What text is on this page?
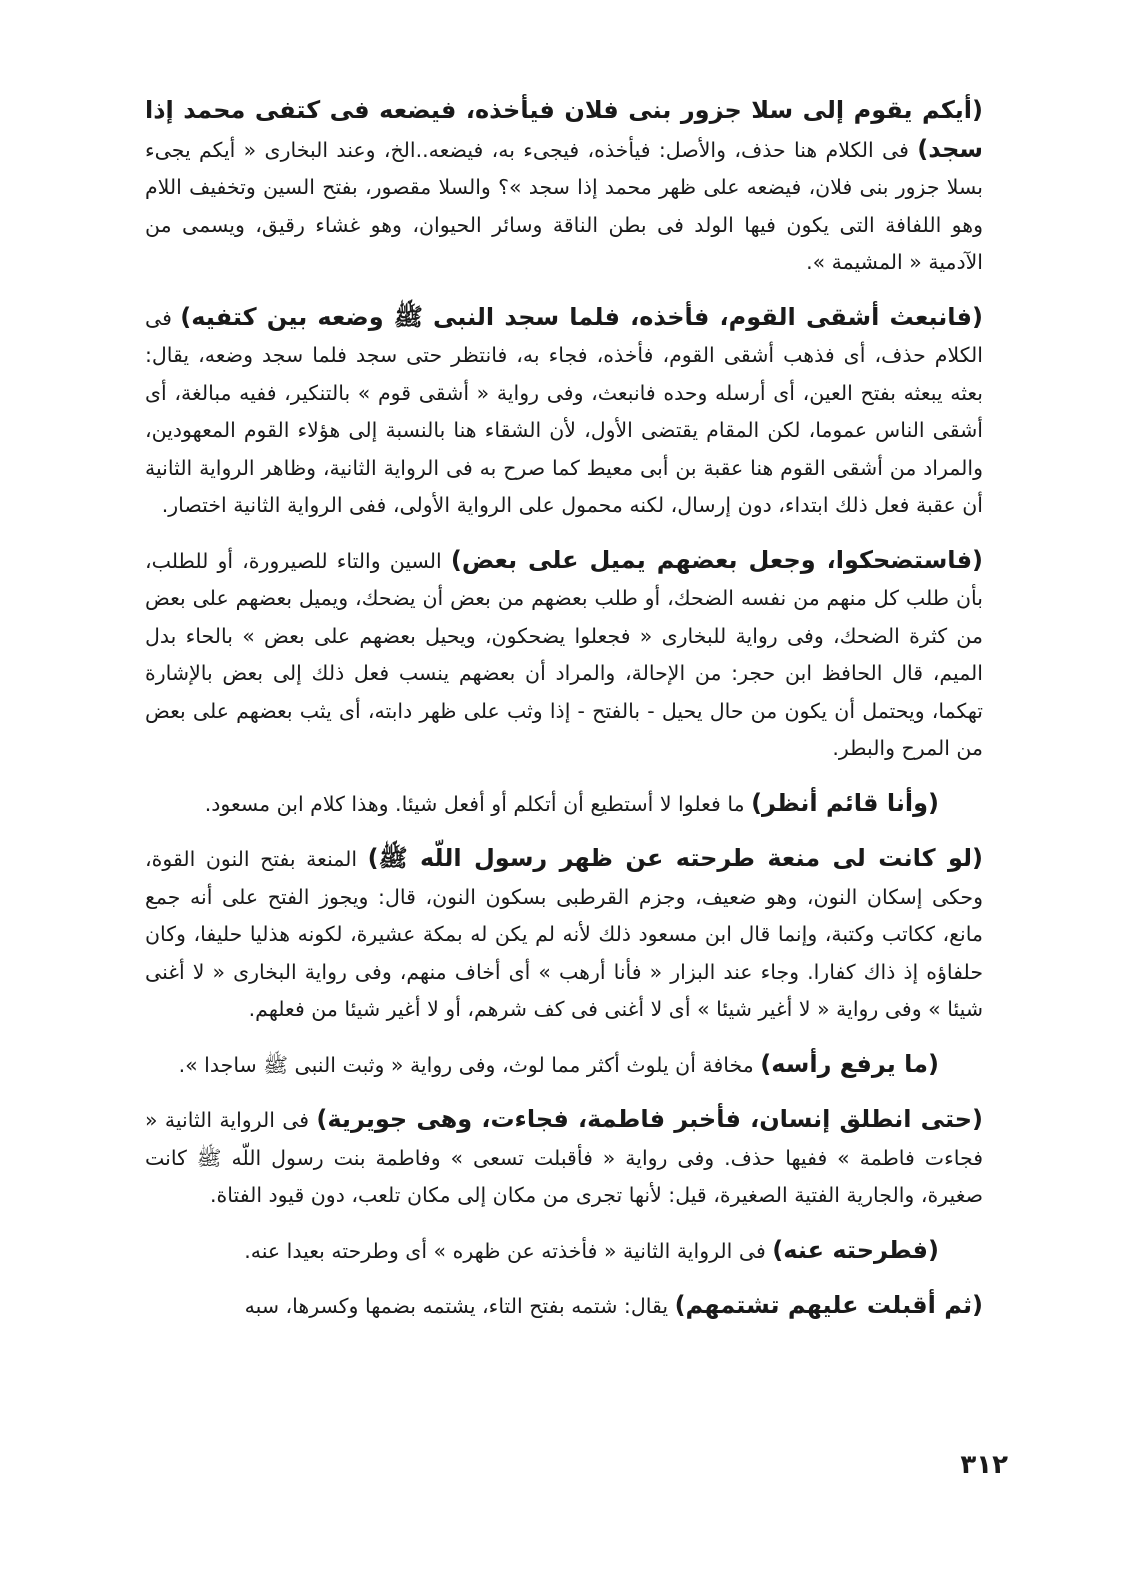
(أيكم يقوم إلى سلا جزور بنى فلان فيأخذه، فيضعه فى كتفى محمد إذا سجد) فى الكلام هنا حذف، والأصل: فيأخذه، فيجىء به، فيضعه..الخ، وعند البخارى « أيكم يجىء بسلا جزور بنى فلان، فيضعه على ظهر محمد إذا سجد »؟ والسلا مقصور، بفتح السين وتخفيف اللام وهو اللفافة التى يكون فيها الولد فى بطن الناقة وسائر الحيوان، وهو غشاء رقيق، ويسمى من الآدمية « المشيمة ».

(فانبعث أشقى القوم، فأخذه، فلما سجد النبى ﷺ وضعه بين كتفيه) فى الكلام حذف، أى فذهب أشقى القوم، فأخذه، فجاء به، فانتظر حتى سجد فلما سجد وضعه، يقال: بعثه يبعثه بفتح العين، أى أرسله وحده فانبعث، وفى رواية « أشقى قوم » بالتنكير، ففيه مبالغة، أى أشقى الناس عموما، لكن المقام يقتضى الأول، لأن الشقاء هنا بالنسبة إلى هؤلاء القوم المعهودين، والمراد من أشقى القوم هنا عقبة بن أبى معيط كما صرح به فى الرواية الثانية، وظاهر الرواية الثانية أن عقبة فعل ذلك ابتداء، دون إرسال، لكنه محمول على الرواية الأولى، ففى الرواية الثانية اختصار.

(فاستضحكوا، وجعل بعضهم يميل على بعض) السين والتاء للصيرورة، أو للطلب، بأن طلب كل منهم من نفسه الضحك، أو طلب بعضهم من بعض أن يضحك، ويميل بعضهم على بعض من كثرة الضحك، وفى رواية للبخارى « فجعلوا يضحكون، ويحيل بعضهم على بعض » بالحاء بدل الميم، قال الحافظ ابن حجر: من الإحالة، والمراد أن بعضهم ينسب فعل ذلك إلى بعض بالإشارة تهكما، ويحتمل أن يكون من حال يحيل - بالفتح - إذا وثب على ظهر دابته، أى يثب بعضهم على بعض من المرح والبطر.

(وأنا قائم أنظر) ما فعلوا لا أستطيع أن أتكلم أو أفعل شيئا. وهذا كلام ابن مسعود.

(لو كانت لى منعة طرحته عن ظهر رسول اللّه ﷺ) المنعة بفتح النون القوة، وحكى إسكان النون، وهو ضعيف، وجزم القرطبى بسكون النون، قال: ويجوز الفتح على أنه جمع مانع، ككاتب وكتبة، وإنما قال ابن مسعود ذلك لأنه لم يكن له بمكة عشيرة، لكونه هذليا حليفا، وكان حلفاؤه إذ ذاك كفارا. وجاء عند البزار « فأنا أرهب » أى أخاف منهم، وفى رواية البخارى « لا أغنى شيئا » وفى رواية « لا أغير شيئا » أى لا أغنى فى كف شرهم، أو لا أغير شيئا من فعلهم.

(ما يرفع رأسه) مخافة أن يلوث أكثر مما لوث، وفى رواية « وثبت النبى ﷺ ساجدا ».

(حتى انطلق إنسان، فأخبر فاطمة، فجاءت، وهى جويرية) فى الرواية الثانية « فجاءت فاطمة » ففيها حذف. وفى رواية « فأقبلت تسعى » وفاطمة بنت رسول اللّه ﷺ كانت صغيرة، والجارية الفتية الصغيرة، قيل: لأنها تجرى من مكان إلى مكان تلعب، دون قيود الفتاة.

(فطرحته عنه) فى الرواية الثانية « فأخذته عن ظهره » أى وطرحته بعيدا عنه.

(ثم أقبلت عليهم تشتمهم) يقال: شتمه بفتح التاء، يشتمه بضمها وكسرها، سبه

٣١٢
